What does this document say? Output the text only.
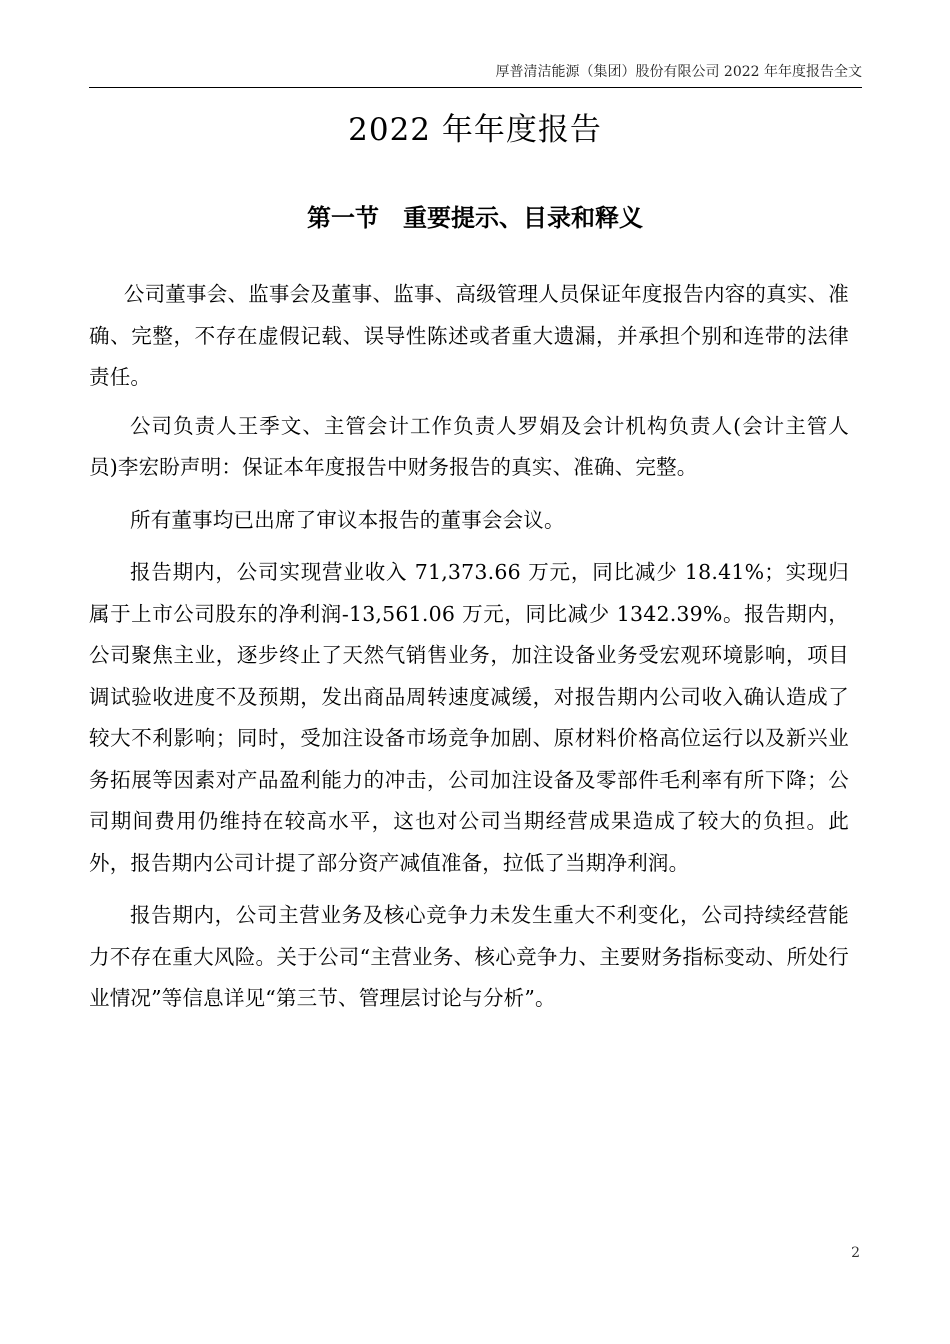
厚普清洁能源（集团）股份有限公司 2022 年年度报告全文
2022 年年度报告
第一节　重要提示、目录和释义

公司董事会、监事会及董事、监事、高级管理人员保证年度报告内容的真实、准确、完整，不存在虚假记载、误导性陈述或者重大遗漏，并承担个别和连带的法律责任。

公司负责人王季文、主管会计工作负责人罗娟及会计机构负责人(会计主管人员)李宏盼声明：保证本年度报告中财务报告的真实、准确、完整。

所有董事均已出席了审议本报告的董事会会议。

报告期内，公司实现营业收入 71,373.66 万元，同比减少 18.41%；实现归属于上市公司股东的净利润-13,561.06 万元，同比减少 1342.39%。报告期内，公司聚焦主业，逐步终止了天然气销售业务，加注设备业务受宏观环境影响，项目调试验收进度不及预期，发出商品周转速度减缓，对报告期内公司收入确认造成了较大不利影响；同时，受加注设备市场竞争加剧、原材料价格高位运行以及新兴业务拓展等因素对产品盈利能力的冲击，公司加注设备及零部件毛利率有所下降；公司期间费用仍维持在较高水平，这也对公司当期经营成果造成了较大的负担。此外，报告期内公司计提了部分资产减值准备，拉低了当期净利润。

报告期内，公司主营业务及核心竞争力未发生重大不利变化，公司持续经营能力不存在重大风险。关于公司“主营业务、核心竞争力、主要财务指标变动、所处行业情况”等信息详见“第三节、管理层讨论与分析”。

2
